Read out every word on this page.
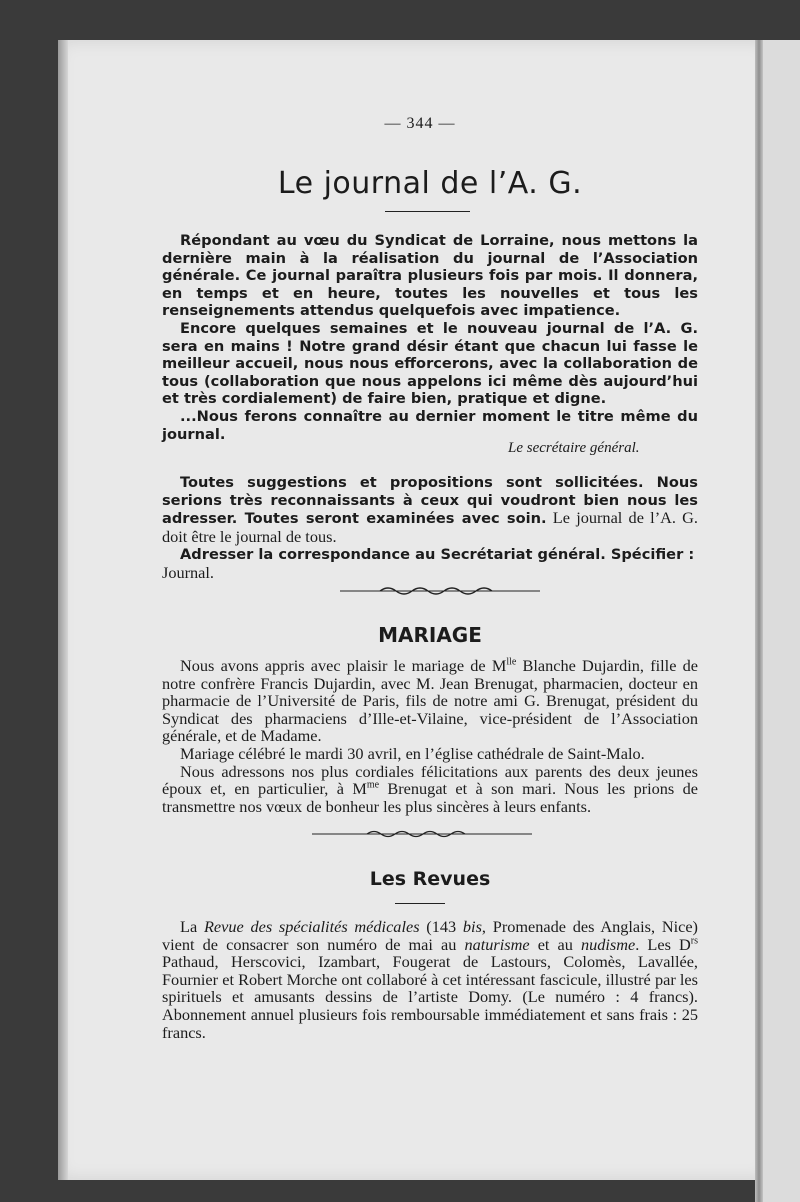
— 344 —
Le journal de l’A. G.

Répondant au vœu du Syndicat de Lorraine, nous mettons la dernière main à la réalisation du journal de l’Association générale. Ce journal paraîtra plusieurs fois par mois. Il donnera, en temps et en heure, toutes les nouvelles et tous les renseignements attendus quelquefois avec impatience.

Encore quelques semaines et le nouveau journal de l’A. G. sera en mains ! Notre grand désir étant que chacun lui fasse le meilleur accueil, nous nous efforcerons, avec la collaboration de tous (collaboration que nous appelons ici même dès aujourd’hui et très cordialement) de faire bien, pratique et digne.

...Nous ferons connaître au dernier moment le titre même du journal.

Le secrétaire général.

Toutes suggestions et propositions sont sollicitées. Nous serions très reconnaissants à ceux qui voudront bien nous les adresser. Toutes seront examinées avec soin. Le journal de l’A. G. doit être le journal de tous.

Adresser la correspondance au Secrétariat général. Spécifier :
Journal.

MARIAGE

Nous avons appris avec plaisir le mariage de $M^{lle}$ Blanche Dujardin, fille de notre confrère Francis Dujardin, avec M. Jean Brenugat, pharmacien, docteur en pharmacie de l’Université de Paris, fils de notre ami G. Brenugat, président du Syndicat des pharmaciens d’Ille-et-Vilaine, vice-président de l’Association générale, et de Madame.

Mariage célébré le mardi 30 avril, en l’église cathédrale de Saint-Malo.

Nous adressons nos plus cordiales félicitations aux parents des deux jeunes époux et, en particulier, à $M^{me}$ Brenugat et à son mari. Nous les prions de transmettre nos vœux de bonheur les plus sincères à leurs enfants.

Les Revues

La Revue des spécialités médicales (143 bis, Promenade des Anglais, Nice) vient de consacrer son numéro de mai au naturisme et au nudisme. Les $D^{rs}$ Pathaud, Herscovici, Izambart, Fougerat de Lastours, Colomès, Lavallée, Fournier et Robert Morche ont collaboré à cet intéressant fascicule, illustré par les spirituels et amusants dessins de l’artiste Domy. (Le numéro : 4 francs). Abonnement annuel plusieurs fois remboursable immédiatement et sans frais : 25 francs.
